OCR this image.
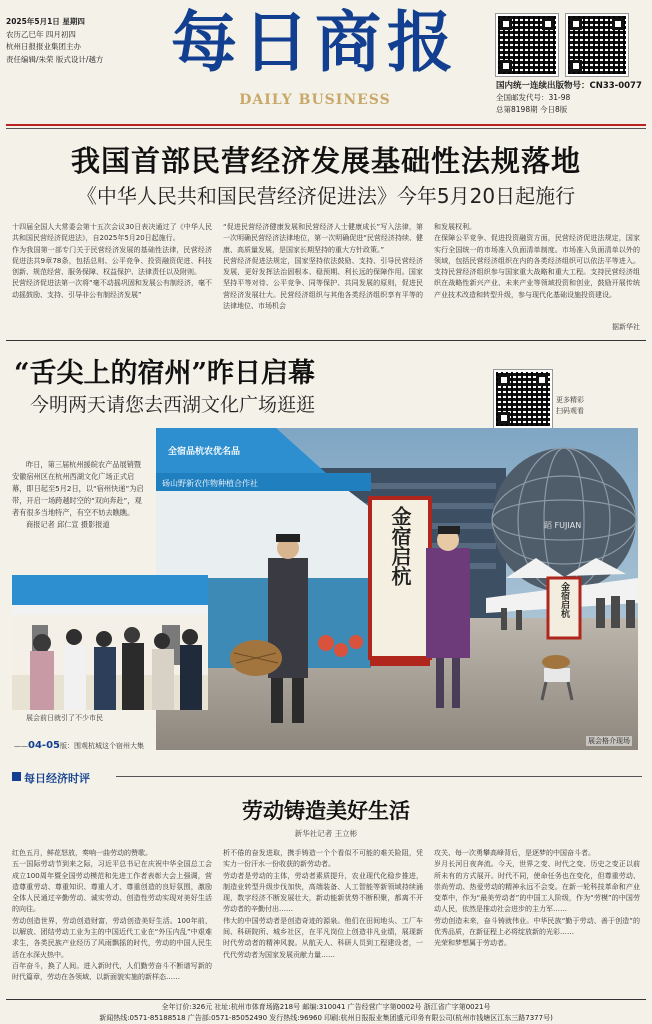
2025年5月1日 星期四
农历乙巳年 四月初四
杭州日报报业集团主办
责任编辑/朱荣 版式设计/越方	每日商报
DAILY BUSINESS
国内统一连续出版物号：CN33-0077
全国邮发代号：31-98
总第8198期 今日8版
我国首部民营经济发展基础性法规落地
《中华人民共和国民营经济促进法》今年5月20日起施行
十四届全国人大常委会第十五次会议30日表决通过了《中华人民共和国民营经济促进法》，自2025年5月20日起施行。
作为我国第一部专门关于民营经济发展的基础性法律，民营经济促进法共9章78条，包括总则、公平竞争、投资融资促进、科技创新、规范经营、服务保障、权益保护、法律责任以及附则。
民营经济促进法第一次将“毫不动摇巩固和发展公有制经济，毫不动摇鼓励、支持、引导非公有制经济发展”
“促进民营经济健康发展和民营经济人士健康成长”写入法律，第一次明确民营经济法律地位，第一次明确促进“民营经济持续、健康、高质量发展，是国家长期坚持的重大方针政策。”
民营经济促进法规定，国家坚持依法鼓励、支持、引导民营经济发展，更好发挥法治固根本、稳预期、利长远的保障作用。国家坚持平等对待、公平竞争、同等保护、共同发展的原则，促进民营经济发展壮大。民营经济组织与其他各类经济组织享有平等的法律地位、市场机会
和发展权利。
在保障公平竞争、促进投资融资方面，民营经济促进法规定，国家实行全国统一的市场准入负面清单制度。市场准入负面清单以外的领域，包括民营经济组织在内的各类经济组织可以依法平等进入。支持民营经济组织参与国家重大战略和重大工程。支持民营经济组织在战略性新兴产业、未来产业等领域投资和创业，鼓励开展传统产业技术改造和转型升级，参与现代化基础设施投资建设。
据新华社
“舌尖上的宿州”昨日启幕
今明两天请您去西湖文化广场逛逛	更多精彩
扫码观看
昨日，第三届杭州援皖农产品展销暨安徽宿州区在杭州西湖文化广场正式启幕，即日起至5月2日，以“宿州快递”为启带，开启一场跨越时空的“双向奔赴”，观者有很多当地特产，有空不妨去瞧瞧。
商报记者 邱仁宣 摄影报道	蹈 FUJIAN
全宿品杭农优名品
砀山野新农作物种植合作社
金宿启杭
金宿启杭
展会格介现场
展会前日就引了不少市民
——04-05版：围观杭城这个宿州大集
每日经济时评
劳动铸造美好生活
新华社记者 王立彬
红色五月，鲜花怒放，奏响一曲劳动的赞歌。
五一国际劳动节到来之际，习近平总书记在庆祝中华全国总工会成立100周年暨全国劳动模范和先进工作者表彰大会上强调，营造尊重劳动、尊重知识、尊重人才、尊重创造的良好氛围，激励全体人民通过辛勤劳动、诚实劳动、创造性劳动实现对美好生活的向往。
劳动创造世界，劳动创造财富，劳动创造美好生活。100年前，以解放、团结劳动工业为主的中国近代工业在“外压内乱”中艰难求生，各类民族产业经历了风雨飘摇的时代，劳动的中国人民生活在水深火热中。
百年奋斗，换了人间。进入新时代，人们勤劳奋斗不断谱写新的时代篇章，劳动在各领域、以新面貌实施的新样态……
析不倦的奋发进取，携手铸造一个个看似不可能的难关险阻，凭实力一份汗水一份收获的新劳动者。
劳动者是劳动的主体，劳动者素质提升，农业现代化稳步推进，制造业转型升级步伐加快，高端装备、人工智能等新领域持续涌现，数字经济不断发展壮大，新动能新优势不断积聚，都离不开劳动者的辛勤付出……
伟大的中国劳动者是创造奇迹的源泉。他们在田间地头、工厂车间、科研院所、城乡社区，在平凡岗位上创造非凡业绩，展现新时代劳动者的精神风貌。从航天人、科研人员到工程建设者，一代代劳动者为国家发展贡献力量……
攻关、每一次勇攀高峰背后，是逐梦的中国奋斗者。
岁月长河日夜奔流。今天，世界之变、时代之变、历史之变正以前所未有的方式展开。时代不同，使命任务也在变化，但尊重劳动、崇尚劳动、热爱劳动的精神永远不会变。在新一轮科技革命和产业变革中，作为“最美劳动者”的中国工人阶级，作为“劳模”的中国劳动人民，依然是推动社会进步的主力军……
劳动创造未来，奋斗铸就伟业。中华民族“勤于劳动、善于创造”的优秀品质，在新征程上必将绽放新的光彩……
光荣和梦想属于劳动者。
全年订价:326元 社址:杭州市体育场路218号 邮编:310041 广告经营广字第0002号 浙江省广字第0021号
新闻热线:0571-85188518 广告部:0571-85052490 发行热线:96960 印刷:杭州日报报业集团盛元印务有限公司(杭州市钱塘区江东三路7377号)
